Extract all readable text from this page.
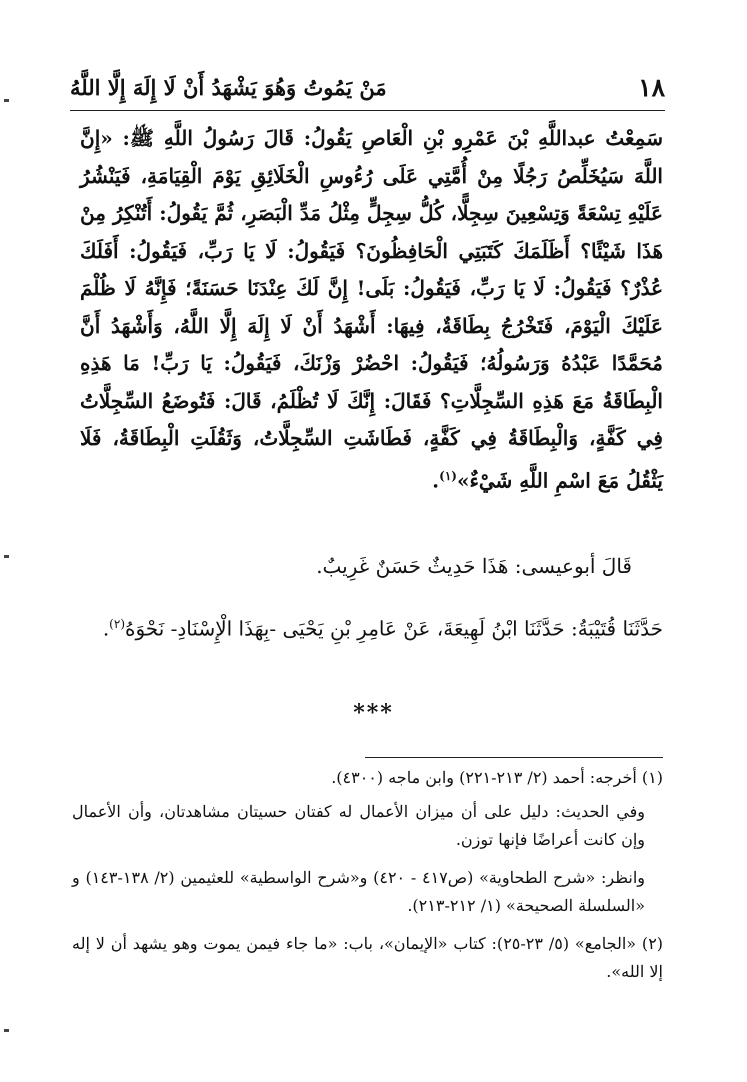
١٨
مَنْ يَمُوتُ وَهُوَ يَشْهَدُ أَنْ لَا إِلَهَ إِلَّا اللَّهُ

سَمِعْتُ عبداللَّهِ بْنَ عَمْرِو بْنِ الْعَاصِ يَقُولُ: قَالَ رَسُولُ اللَّهِ ﷺ: «إِنَّ اللَّهَ سَيُخَلِّصُ رَجُلًا مِنْ أُمَّتِي عَلَى رُءُوسِ الْخَلَائِقِ يَوْمَ الْقِيَامَةِ، فَيَنْشُرُ عَلَيْهِ تِسْعَةً وَتِسْعِينَ سِجِلًّا، كُلُّ سِجِلٍّ مِثْلُ مَدِّ الْبَصَرِ، ثُمَّ يَقُولُ: أَتُنْكِرُ مِنْ هَذَا شَيْئًا؟ أَظَلَمَكَ كَتَبَتِي الْحَافِظُونَ؟ فَيَقُولُ: لَا يَا رَبِّ، فَيَقُولُ: أَفَلَكَ عُذْرٌ؟ فَيَقُولُ: لَا يَا رَبِّ، فَيَقُولُ: بَلَى! إِنَّ لَكَ عِنْدَنَا حَسَنَةً؛ فَإِنَّهُ لَا ظُلْمَ عَلَيْكَ الْيَوْمَ، فَتَخْرُجُ بِطَاقَةٌ، فِيهَا: أَشْهَدُ أَنْ لَا إِلَهَ إِلَّا اللَّهُ، وَأَشْهَدُ أَنَّ مُحَمَّدًا عَبْدُهُ وَرَسُولُهُ؛ فَيَقُولُ: احْضُرْ وَزْنَكَ، فَيَقُولُ: يَا رَبِّ! مَا هَذِهِ الْبِطَاقَةُ مَعَ هَذِهِ السِّجِلَّاتِ؟ فَقَالَ: إِنَّكَ لَا تُظْلَمُ، قَالَ: فَتُوضَعُ السِّجِلَّاتُ فِي كَفَّةٍ، وَالْبِطَاقَةُ فِي كَفَّةٍ، فَطَاشَتِ السِّجِلَّاتُ، وَثَقُلَتِ الْبِطَاقَةُ، فَلَا يَثْقُلُ مَعَ اسْمِ اللَّهِ شَيْءٌ»$^{(١)}$.

قَالَ أبوعيسى: هَذَا حَدِيثٌ حَسَنٌ غَرِيبٌ.
حَدَّثَنَا قُتَيْبَةُ: حَدَّثَنَا ابْنُ لَهِيعَةَ، عَنْ عَامِرِ بْنِ يَحْيَى -بِهَذَا الْإِسْنَادِ- نَحْوَهُ$^{(٢)}$.
***

(١) أخرجه: أحمد (٢/ ٢١٣-٢٢١) وابن ماجه (٤٣٠٠).

وفي الحديث: دليل على أن ميزان الأعمال له كفتان حسيتان مشاهدتان، وأن الأعمال وإن كانت أعراضًا فإنها توزن.

وانظر: «شرح الطحاوية» (ص٤١٧ - ٤٢٠) و«شرح الواسطية» للعثيمين (٢/ ١٣٨-١٤٣) و «السلسلة الصحيحة» (١/ ٢١٢-٢١٣).

(٢) «الجامع» (٥/ ٢٣-٢٥): كتاب «الإيمان»، باب: «ما جاء فيمن يموت وهو يشهد أن لا إله إلا الله».
